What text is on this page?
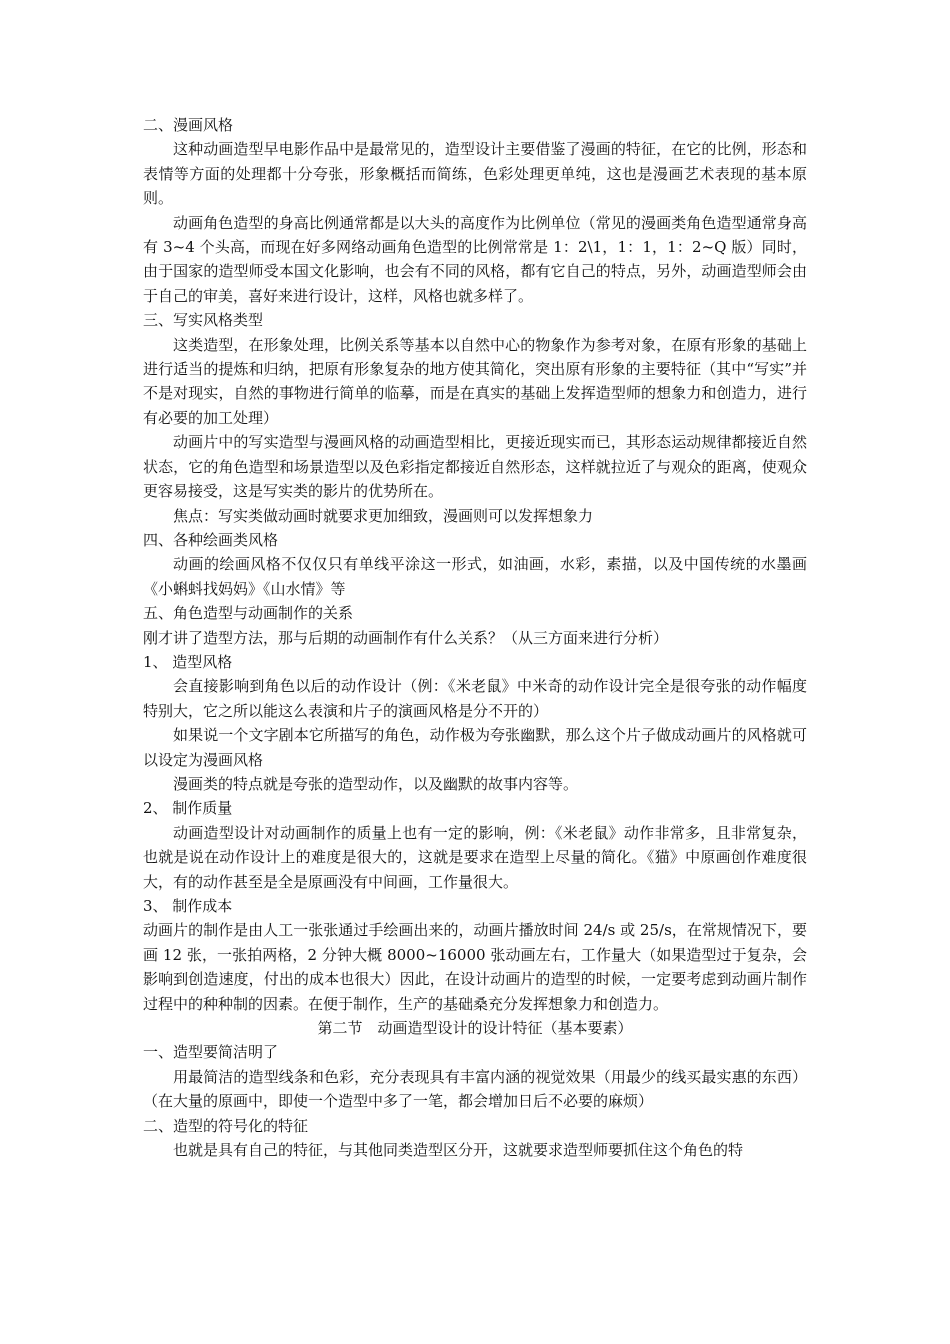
二、漫画风格

这种动画造型早电影作品中是最常见的，造型设计主要借鉴了漫画的特征，在它的比例，形态和表情等方面的处理都十分夸张，形象概括而简练，色彩处理更单纯，这也是漫画艺术表现的基本原则。

动画角色造型的身高比例通常都是以大头的高度作为比例单位（常见的漫画类角色造型通常身高有 3~4 个头高，而现在好多网络动画角色造型的比例常常是 1：2\1，1：1，1：2~Q 版）同时，由于国家的造型师受本国文化影响，也会有不同的风格，都有它自己的特点，另外，动画造型师会由于自己的审美，喜好来进行设计，这样，风格也就多样了。

三、写实风格类型

这类造型，在形象处理，比例关系等基本以自然中心的物象作为参考对象，在原有形象的基础上进行适当的提炼和归纳，把原有形象复杂的地方使其简化，突出原有形象的主要特征（其中“写实”并不是对现实，自然的事物进行简单的临摹，而是在真实的基础上发挥造型师的想象力和创造力，进行有必要的加工处理）

动画片中的写实造型与漫画风格的动画造型相比，更接近现实而已，其形态运动规律都接近自然状态，它的角色造型和场景造型以及色彩指定都接近自然形态，这样就拉近了与观众的距离，使观众更容易接受，这是写实类的影片的优势所在。

焦点：写实类做动画时就要求更加细致，漫画则可以发挥想象力

四、各种绘画类风格

动画的绘画风格不仅仅只有单线平涂这一形式，如油画，水彩，素描，以及中国传统的水墨画《小蝌蚪找妈妈》《山水情》等

五、角色造型与动画制作的关系

刚才讲了造型方法，那与后期的动画制作有什么关系？（从三方面来进行分析）

1、 造型风格

会直接影响到角色以后的动作设计（例：《米老鼠》中米奇的动作设计完全是很夸张的动作幅度特别大，它之所以能这么表演和片子的演画风格是分不开的）

如果说一个文字剧本它所描写的角色，动作极为夸张幽默，那么这个片子做成动画片的风格就可以设定为漫画风格

漫画类的特点就是夸张的造型动作，以及幽默的故事内容等。

2、 制作质量

动画造型设计对动画制作的质量上也有一定的影响，例：《米老鼠》动作非常多，且非常复杂，也就是说在动作设计上的难度是很大的，这就是要求在造型上尽量的简化。《猫》中原画创作难度很大，有的动作甚至是全是原画没有中间画，工作量很大。

3、 制作成本

动画片的制作是由人工一张张通过手绘画出来的，动画片播放时间 24/s 或 25/s，在常规情况下，要画 12 张，一张拍两格，2 分钟大概 8000~16000 张动画左右，工作量大（如果造型过于复杂，会影响到创造速度，付出的成本也很大）因此，在设计动画片的造型的时候，一定要考虑到动画片制作过程中的种种制的因素。在便于制作，生产的基础桑充分发挥想象力和创造力。

第二节　动画造型设计的设计特征（基本要素）

一、造型要简洁明了

用最简洁的造型线条和色彩，充分表现具有丰富内涵的视觉效果（用最少的线买最实惠的东西）（在大量的原画中，即使一个造型中多了一笔，都会增加日后不必要的麻烦）

二、造型的符号化的特征

也就是具有自己的特征，与其他同类造型区分开，这就要求造型师要抓住这个角色的特
